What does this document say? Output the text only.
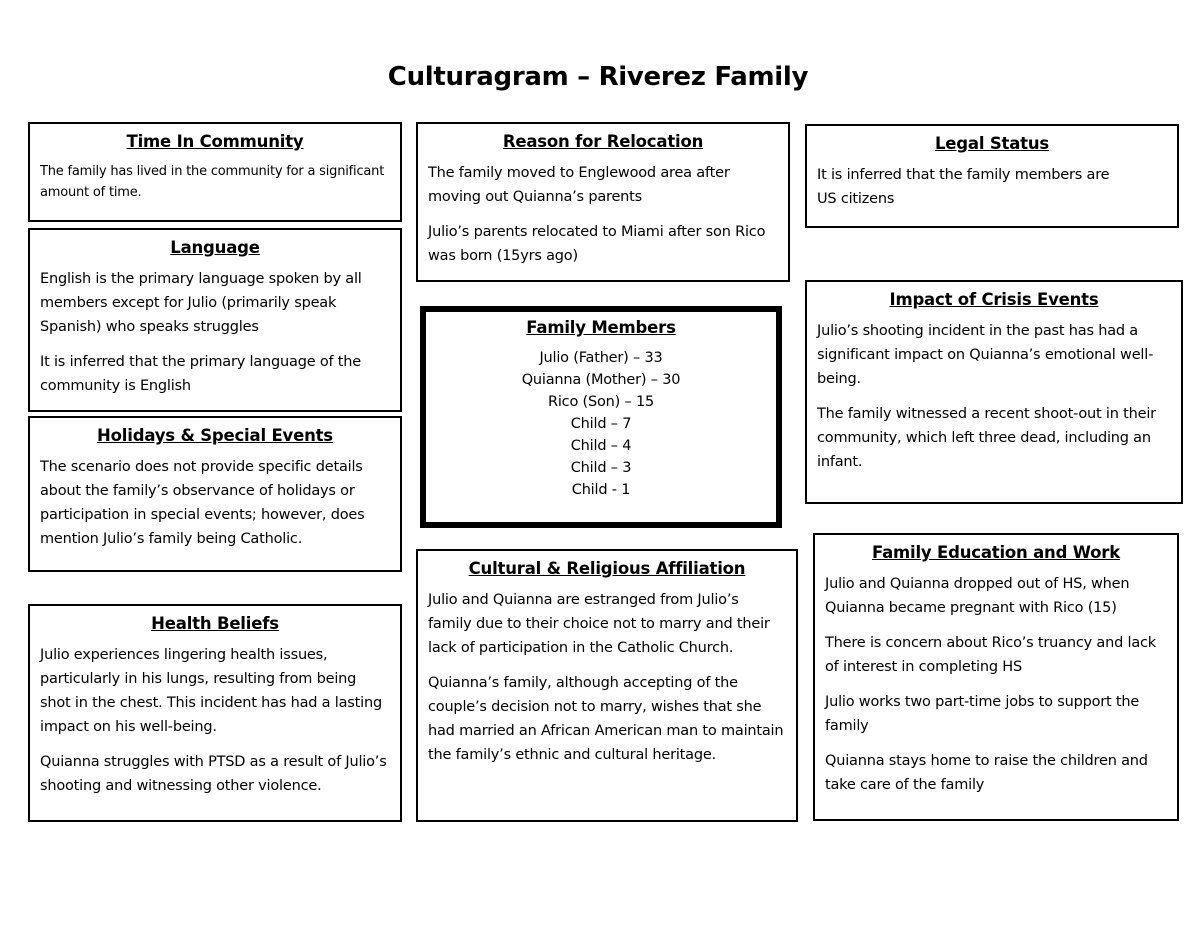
Culturagram – Riverez Family
Time In Community

The family has lived in the community for a significant amount of time.

Reason for Relocation

The family moved to Englewood area after moving out Quianna’s parents

Julio’s parents relocated to Miami after son Rico was born (15yrs ago)

Legal Status

It is inferred that the family members are US citizens

Language

English is the primary language spoken by all members except for Julio (primarily speak Spanish) who speaks struggles

It is inferred that the primary language of the community is English

Family Members
Julio (Father) – 33
Quianna (Mother) – 30
Rico (Son) – 15
Child – 7
Child – 4
Child – 3
Child - 1
Impact of Crisis Events

Julio’s shooting incident in the past has had a significant impact on Quianna’s emotional well-being.

The family witnessed a recent shoot-out in their community, which left three dead, including an infant.

Holidays & Special Events

The scenario does not provide specific details about the family’s observance of holidays or participation in special events; however, does mention Julio’s family being Catholic.

Family Education and Work

Julio and Quianna dropped out of HS, when Quianna became pregnant with Rico (15)

There is concern about Rico’s truancy and lack of interest in completing HS

Julio works two part-time jobs to support the family

Quianna stays home to raise the children and take care of the family

Cultural & Religious Affiliation

Julio and Quianna are estranged from Julio’s family due to their choice not to marry and their lack of participation in the Catholic Church.

Quianna’s family, although accepting of the couple’s decision not to marry, wishes that she had married an African American man to maintain the family’s ethnic and cultural heritage.

Health Beliefs

Julio experiences lingering health issues, particularly in his lungs, resulting from being shot in the chest. This incident has had a lasting impact on his well-being.

Quianna struggles with PTSD as a result of Julio’s shooting and witnessing other violence.
